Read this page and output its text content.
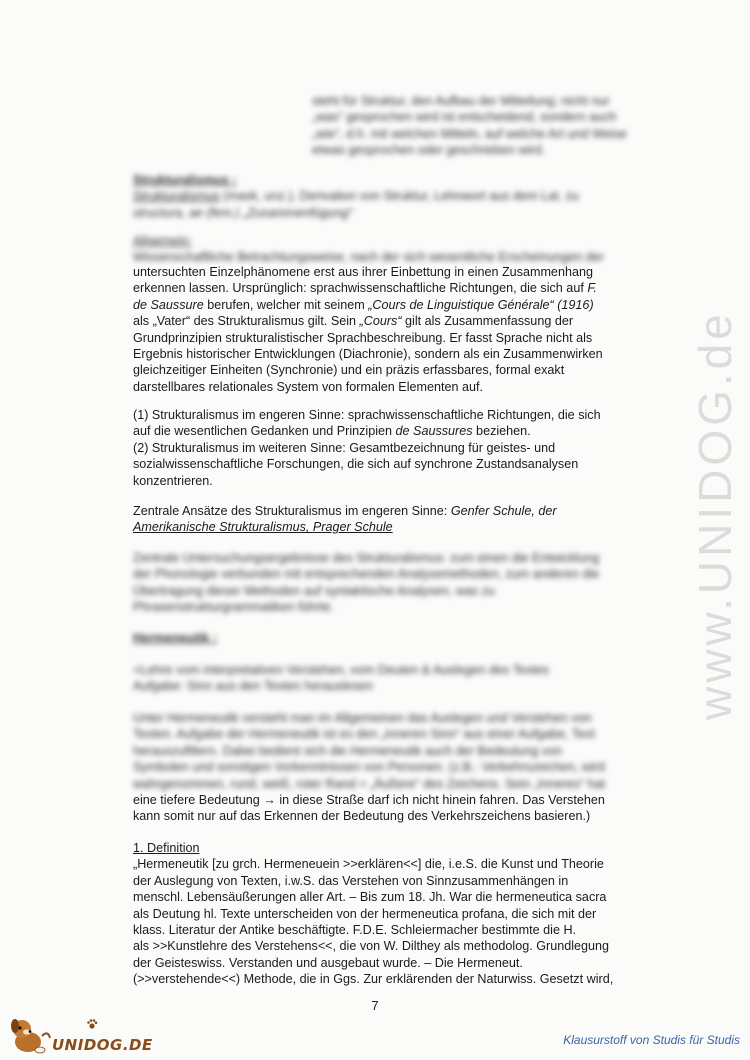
steht für Struktur, den Aufbau der Mitteilung; nicht nur

„was“ gesprochen wird ist entscheidend, sondern auch

„wie“, d.h. mit welchen Mitteln, auf welche Art und Weise

etwas gesprochen oder geschrieben wird.

Strukturalismus :

Strukturalismus (mask, unz.), Derivation von Struktur, Lehnwort aus dem Lat. zu

structura, ae (fem.) „Zusammenfügung“

Allgemein:

Wissenschaftliche Betrachtungsweise, nach der sich wesentliche Erscheinungen der

untersuchten Einzelphänomene erst aus ihrer Einbettung in einen Zusammenhang

erkennen lassen. Ursprünglich: sprachwissenschaftliche Richtungen, die sich auf F.

de Saussure berufen, welcher mit seinem „Cours de Linguistique Générale“ (1916)

als „Vater“ des Strukturalismus gilt. Sein „Cours“ gilt als Zusammenfassung der

Grundprinzipien strukturalistischer Sprachbeschreibung. Er fasst Sprache nicht als

Ergebnis historischer Entwicklungen (Diachronie), sondern als ein Zusammenwirken

gleichzeitiger Einheiten (Synchronie) und ein präzis erfassbares, formal exakt

darstellbares relationales System von formalen Elementen auf.

(1) Strukturalismus im engeren Sinne: sprachwissenschaftliche Richtungen, die sich

auf die wesentlichen Gedanken und Prinzipien de Saussures beziehen.

(2) Strukturalismus im weiteren Sinne: Gesamtbezeichnung für geistes- und

sozialwissenschaftliche Forschungen, die sich auf synchrone Zustandsanalysen

konzentrieren.

Zentrale Ansätze des Strukturalismus im engeren Sinne: Genfer Schule, der

Amerikanische Strukturalismus, Prager Schule

Zentrale Untersuchungsergebnisse des Strukturalismus: zum einen die Entwicklung

der Phonologie verbunden mit entsprechenden Analysemethoden, zum anderen die

Übertragung dieser Methoden auf syntaktische Analysen, was zu

Phrasenstrukturgrammatiken führte.

Hermeneutik :

=Lehre vom interpretativen Verstehen, vom Deuten & Auslegen des Textes

Aufgabe: Sinn aus den Texten herauslesen

Unter Hermeneutik versteht man im Allgemeinen das Auslegen und Verstehen von

Texten. Aufgabe der Hermeneutik ist es den „inneren Sinn“ aus einer Aufgabe, Text

herauszufiltern. Dabei bedient sich die Hermeneutik auch der Bedeutung von

Symbolen und sonstigen Vorkenntnissen von Personen. (z.B.: Verkehrszeichen, wird

wahrgenommen, rund, weiß, roter Rand = „Äußere“ des Zeichens. Sein „Inneres“ hat

eine tiefere Bedeutung → in diese Straße darf ich nicht hinein fahren. Das Verstehen

kann somit nur auf das Erkennen der Bedeutung des Verkehrszeichens basieren.)

1. Definition

„Hermeneutik [zu grch. Hermeneuein >>erklären<<] die, i.e.S. die Kunst und Theorie

der Auslegung von Texten, i.w.S. das Verstehen von Sinnzusammenhängen in

menschl. Lebensäußerungen aller Art. – Bis zum 18. Jh. War die hermeneutica sacra

als Deutung hl. Texte unterscheiden von der hermeneutica profana, die sich mit der

klass. Literatur der Antike beschäftigte. F.D.E. Schleiermacher bestimmte die H.

als >>Kunstlehre des Verstehens<<, die von W. Dilthey als methodolog. Grundlegung

der Geisteswiss. Verstanden und ausgebaut wurde. – Die Hermeneut.

(>>verstehende<<) Methode, die in Ggs. Zur erklärenden der Naturwiss. Gesetzt wird,

www.UNIDOG.de
7
UNIDOG.DE	Klausurstoff von Studis für Studis
